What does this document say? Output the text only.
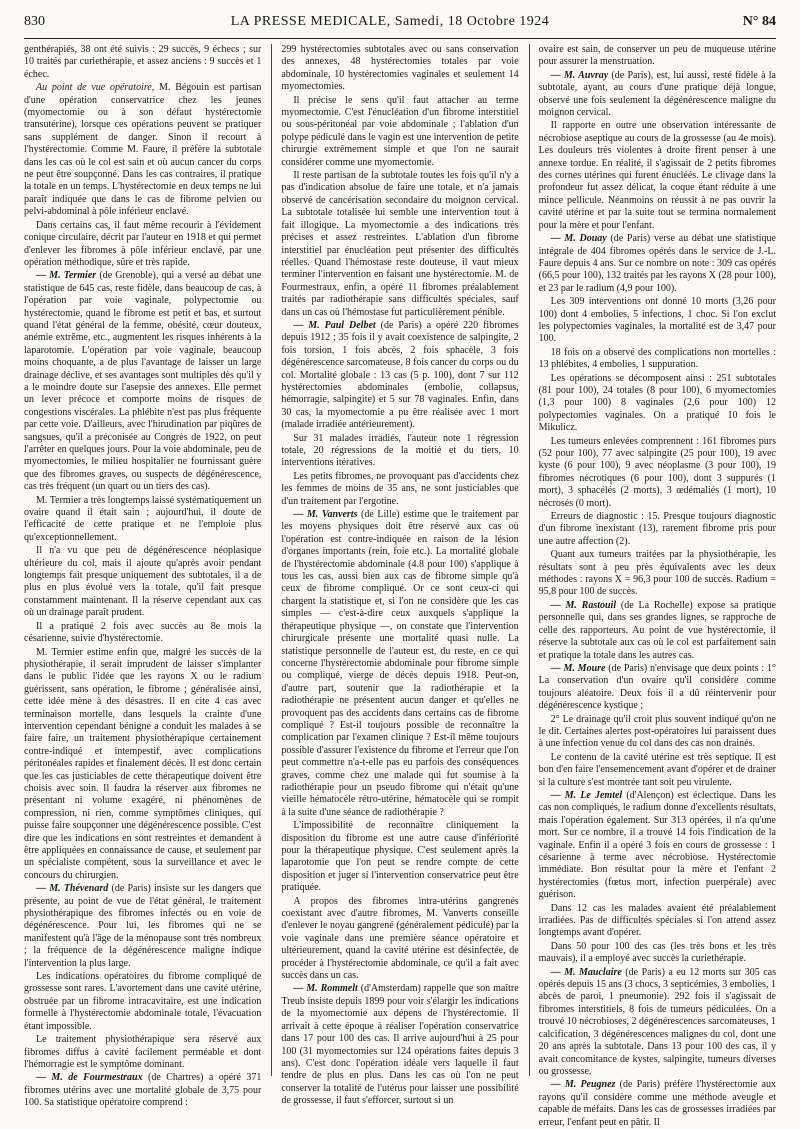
830	LA PRESSE MEDICALE, Samedi, 18 Octobre 1924	N° 84

genthérapiés, 38 ont été suivis : 29 succès, 9 échecs ; sur 10 traités par curiethérapie, et assez anciens : 9 succès et 1 échec.

Au point de vue opératoire, M. Bégouin est partisan d'une opération conservatrice chez les jeunes (myomectomie ou à son défaut hystérectomie transutérine), lorsque ces opérations peuvent se pratiquer sans supplément de danger. Sinon il recourt à l'hystérectomie. Comme M. Faure, il préfère la subtotale dans les cas où le col est sain et où aucun cancer du corps ne peut être soupçonné. Dans les cas contraires, il pratique la totale en un temps. L'hystérectomie en deux temps ne lui paraît indiquée que dans le cas de fibrome pelvien ou pelvi-abdominal à pôle inférieur enclavé.

Dans certains cas, il faut même recourir à l'évidement conique circulaire, décrit par l'auteur en 1918 et qui permet d'enlever les fibromes à pôle inférieur enclavé, par une opération méthodique, sûre et très rapide.

— M. Termier (de Grenoble), qui a versé au débat une statistique de 645 cas, reste fidèle, dans beaucoup de cas, à l'opération par voie vaginale, polypectomie ou hystérectomie, quand le fibrome est petit et bas, et surtout quand l'état général de la femme, obésité, cœur douteux, anémie extrême, etc., augmentent les risques inhérents à la laparotomie. L'opération par voie vaginale, beaucoup moins choquante, a de plus l'avantage de laisser un large drainage déclive, et ses avantages sont multiples dès qu'il y a le moindre doute sur l'asepsie des annexes. Elle permet un lever précoce et comporte moins de risques de congestions viscérales. La phlébite n'est pas plus fréquente par cette voie. D'ailleurs, avec l'hirudination par piqûres de sangsues, qu'il a préconisée au Congrès de 1922, on peut l'arrêter en quelques jours. Pour la voie abdominale, peu de myomectomies, le milieu hospitalier ne fournissant guère que des fibromes graves, ou suspects de dégénérescence, cas très fréquent (un quart ou un tiers des cas).

M. Termier a très longtemps laissé systématiquement un ovaire quand il était sain ; aujourd'hui, il doute de l'efficacité de cette pratique et ne l'emploie plus qu'exceptionnellement.

Il n'a vu que peu de dégénérescence néoplasique ultérieure du col, mais il ajoute qu'après avoir pendant longtemps fait presque uniquement des subtotales, il a de plus en plus évolué vers la totale, qu'il fait presque constamment maintenant. Il la réserve cependant aux cas où un drainage paraît prudent.

Il a pratiqué 2 fois avec succès au 8e mois la césarienne, suivie d'hystérectomie.

M. Termier estime enfin que, malgré les succès de la physiothérapie, il serait imprudent de laisser s'implanter dans le public l'idée que les rayons X ou le radium guérissent, sans opération, le fibrome ; généralisée ainsi, cette idée mène à des désastres. Il en cite 4 cas avec terminaison mortelle, dans lesquels la crainte d'une intervention cependant bénigne a conduit les malades à se faire faire, un traitement physiothérapique certainement contre-indiqué et intempestif, avec complications péritonéales rapides et finalement décès. Il est donc certain que les cas justiciables de cette thérapeutique doivent être choisis avec soin. Il faudra la réserver aux fibromes ne présentant ni volume exagéré, ni phénomènes de compression, ni rien, comme symptômes cliniques, qui puisse faire soupçonner une dégénérescence possible. C'est dire que les indications en sont restreintes et demandent à être appliquées en connaissance de cause, et seulement par un spécialiste compétent, sous la surveillance et avec le concours du chirurgien.

— M. Thévenard (de Paris) insiste sur les dangers que présente, au point de vue de l'état général, le traitement physiothérapique des fibromes infectés ou en voie de dégénérescence. Pour lui, les fibromes qui ne se manifestent qu'à l'âge de la ménopause sont très nombreux ; la fréquence de la dégénérescence maligne indique l'intervention la plus large.

Les indications opératoires du fibrome compliqué de grossesse sont rares. L'avortement dans une cavité utérine, obstruée par un fibrome intracavitaire, est une indication formelle à l'hystérectomie abdominale totale, l'évacuation étant impossible.

Le traitement physiothérapique sera réservé aux fibromes diffus à cavité facilement perméable et dont l'hémorragie est le symptôme dominant.

— M. de Fourmestraux (de Chartres) a opéré 371 fibromes utérins avec une mortalité globale de 3,75 pour 100. Sa statistique opératoire comprend :

299 hystérectomies subtotales avec ou sans conservation des annexes, 48 hystérectomies totales par voie abdominale, 10 hystérectomies vaginales et seulement 14 myomectomies.

Il précise le sens qu'il faut attacher au terme myomectomie. C'est l'énucléation d'un fibrome interstitiel ou sous-péritonéal par voie abdominale ; l'ablation d'un polype pédiculé dans le vagin est une intervention de petite chirurgie extrêmement simple et que l'on ne saurait considérer comme une myomectomie.

Il reste partisan de la subtotale toutes les fois qu'il n'y a pas d'indication absolue de faire une totale, et n'a jamais observé de cancérisation secondaire du moignon cervical. La subtotale totalisée lui semble une intervention tout à fait illogique. La myomectomie a des indications très précises et assez restreintes. L'ablation d'un fibrome interstitiel par énucléation peut présenter des difficultés réelles. Quand l'hémostase reste douteuse, il vaut mieux terminer l'intervention en faisant une hystérectomie. M. de Fourmestraux, enfin, a opéré 11 fibromes préalablement traités par radiothérapie sans difficultés spéciales, sauf dans un cas où l'hémostase fut particulièrement pénible.

— M. Paul Delbet (de Paris) a opéré 220 fibromes depuis 1912 ; 35 fois il y avait coexistence de salpingite, 2 fois torsion, 1 fois abcès, 2 fois sphacèle, 3 fois dégénérescence sarcomateuse, 8 fois cancer du corps ou du col. Mortalité globale : 13 cas (5 p. 100), dont 7 sur 112 hystérectomies abdominales (embolie, collapsus, hémorragie, salpingite) et 5 sur 78 vaginales. Enfin, dans 30 cas, la myomectomie a pu être réalisée avec 1 mort (malade irradiée antérieurement).

Sur 31 malades irradiés, l'auteur note 1 régression totale, 20 régressions de la moitié et du tiers, 10 interventions itératives.

Les petits fibromes, ne provoquant pas d'accidents chez les femmes de moins de 35 ans, ne sont justiciables que d'un traitement par l'ergotine.

— M. Vanverts (de Lille) estime que le traitement par les moyens physiques doit être réservé aux cas où l'opération est contre-indiquée en raison de la lésion d'organes importants (rein, foie etc.). La mortalité globale de l'hystérectomie abdominale (4.8 pour 100) s'applique à tous les cas, aussi bien aux cas de fibrome simple qu'à ceux de fibrome compliqué. Or ce sont ceux-ci qui chargent la statistique et, si l'on ne considère que les cas simples — c'est-à-dire ceux auxquels s'applique la thérapeutique physique —, on constate que l'intervention chirurgicale présente une mortalité quasi nulle. La statistique personnelle de l'auteur est, du reste, en ce qui concerne l'hystérectomie abdominale pour fibrome simple ou compliqué, vierge de décès depuis 1918. Peut-on, d'autre part, soutenir que la radiothérapie et la radiothérapie ne présentent aucun danger et qu'elles ne provoquent pas des accidents dans certains cas de fibrome compliqué ? Est-il toujours possible de reconnaître la complication par l'examen clinique ? Est-il même toujours possible d'assurer l'existence du fibrome et l'erreur que l'on peut commettre n'a-t-elle pas eu parfois des conséquences graves, comme chez une malade qui fut soumise à la radiothérapie pour un pseudo fibrome qui n'était qu'une vieille hématocèle rétro-utérine, hématocèle qui se rompit à la suite d'une séance de radiothérapie ?

L'impossibilité de reconnaître cliniquement la disposition du fibrome est une autre cause d'infériorité pour la thérapeutique physique. C'est seulement après la laparotomie que l'on peut se rendre compte de cette disposition et juger si l'intervention conservatrice peut être pratiquée.

A propos des fibromes intra-utérins gangrenés coexistant avec d'autre fibromes, M. Vanverts conseille d'enlever le noyau gangrené (généralement pédiculé) par la voie vaginale dans une première séance opératoire et ultérieurement, quand la cavité utérine est désinfectée, de procéder à l'hystérectomie abdominale, ce qu'il a fait avec succès dans un cas.

— M. Rommelt (d'Amsterdam) rappelle que son maître Treub insiste depuis 1899 pour voir s'élargir les indications de la myomectomie aux dépens de l'hystérectomie. Il arrivait à cette époque à réaliser l'opération conservatrice dans 17 pour 100 des cas. Il arrive aujourd'hui à 25 pour 100 (31 myomectomies sur 124 opérations faites depuis 3 ans). C'est donc l'opération idéale vers laquelle il faut tendre de plus en plus. Dans les cas où l'on ne peut conserver la totalité de l'utérus pour laisser une possibilité de grossesse, il faut s'efforcer, surtout si un

ovaire est sain, de conserver un peu de muqueuse utérine pour assurer la menstruation.

— M. Auvray (de Paris), est, lui aussi, resté fidèle à la subtotale, ayant, au cours d'une pratique déjà longue, observé une fois seulement la dégénérescence maligne du moignon cervical.

Il rapporte en outre une observation intéressante de nécrobiose aseptique au cours de la grossesse (au 4e mois). Les douleurs très violentes à droite firent penser à une annexe tordue. En réalité, il s'agissait de 2 petits fibromes des cornes utérines qui furent énucléés. Le clivage dans la profondeur fut assez délicat, la coque étant réduite à une mince pellicule. Néanmoins on réussit à ne pas ouvrir la cavité utérine et par la suite tout se termina normalement pour la mère et pour l'enfant.

— M. Douay (de Paris) verse au débat une statistique intégrale de 404 fibromes opérés dans le service de J.-L. Faure depuis 4 ans. Sur ce nombre on note : 309 cas opérés (66,5 pour 100), 132 traités par les rayons X (28 pour 100), et 23 par le radium (4,9 pour 100).

Les 309 interventions ont donné 10 morts (3,26 pour 100) dont 4 embolies, 5 infections, 1 choc. Si l'on exclut les polypectomies vaginales, la mortalité est de 3,47 pour 100.

18 fois on a observé des complications non mortelles : 13 phlébites, 4 embolies, 1 suppuration.

Les opérations se décomposent ainsi : 251 subtotales (81 pour 100), 24 totales (8 pour 100), 6 myomectomies (1,3 pour 100) 8 vaginales (2,6 pour 100) 12 polypectomies vaginales. On a pratiqué 10 fois le Mikulicz.

Les tumeurs enlevées comprennent : 161 fibromes purs (52 pour 100), 77 avec salpingite (25 pour 100), 19 avec kyste (6 pour 100), 9 avec néoplasme (3 pour 100), 19 fibromes nécrotiques (6 pour 100), dont 3 suppurés (1 mort), 3 sphacélés (2 morts), 3 œdémaliés (1 mort), 10 nécrosés (0 mort).

Erreurs de diagnostic : 15. Presque toujours diagnostic d'un fibrome inexistant (13), rarement fibrome pris pour une autre affection (2).

Quant aux tumeurs traitées par la physiothérapie, les résultats sont à peu près équivalents avec les deux méthodes : rayons X = 96,3 pour 100 de succès. Radium = 95,8 pour 100 de succès.

— M. Rastouil (de La Rochelle) expose sa pratique personnelle qui, dans ses grandes lignes, se rapproche de celle des rapporteurs. Au point de vue hystérectomie, il réserve la subtotale aux cas où le col est parfaitement sain et pratique la totale dans les autres cas.

— M. Moure (de Paris) n'envisage que deux points : 1° La conservation d'un ovaire qu'il considère comme toujours aléatoire. Deux fois il a dû réintervenir pour dégénérescence kystique ;

2° Le drainage qu'il croit plus souvent indiqué qu'on ne le dit. Certaines alertes post-opératoires lui paraissent dues à une infection venue du col dans des cas non drainés.

Le contenu de la cavité utérine est très septique. Il est bon d'en faire l'ensemencement avant d'opérer et de drainer si la culture s'est montrée tant soit peu virulente.

— M. Le Jemtel (d'Alençon) est éclectique. Dans les cas non compliqués, le radium donne d'excellents résultats, mais l'opération également. Sur 313 opérées, il n'a qu'une mort. Sur ce nombre, il a trouvé 14 fois l'indication de la vaginale. Enfin il a opéré 3 fois en cours de grossesse : 1 césarienne à terme avec nécrobiose. Hystérectomie immédiate. Bon résultat pour la mère et l'enfant 2 hystérectomies (fœtus mort, infection puerpérale) avec guérison.

Dans 12 cas les malades avaient été préalablement irradiées. Pas de difficultés spéciales si l'on attend assez longtemps avant d'opérer.

Dans 50 pour 100 des cas (les très bons et les très mauvais), il a employé avec succès la curiethérapie.

— M. Mauclaire (de Paris) a eu 12 morts sur 305 cas opérés depuis 15 ans (3 chocs, 3 septicémies, 3 embolies, 1 abcès de paroi, 1 pneumonie). 292 fois il s'agissait de fibromes interstitiels, 8 fois de tumeurs pédiculées. On a trouvé 10 nécrobioses, 2 dégénérescences sarcomateuses, 1 calcification, 3 dégénérescences malignes du col, dont une 20 ans après la subtotale. Dans 13 pour 100 des cas, il y avait concomitance de kystes, salpingite, tumeurs diverses ou grossesse.

— M. Peugnez (de Paris) préfère l'hystérectomie aux rayons qu'il considère comme une méthode aveugle et capable de méfaits. Dans les cas de grossesses irradiées par erreur, l'enfant peut en pâtir. Il
